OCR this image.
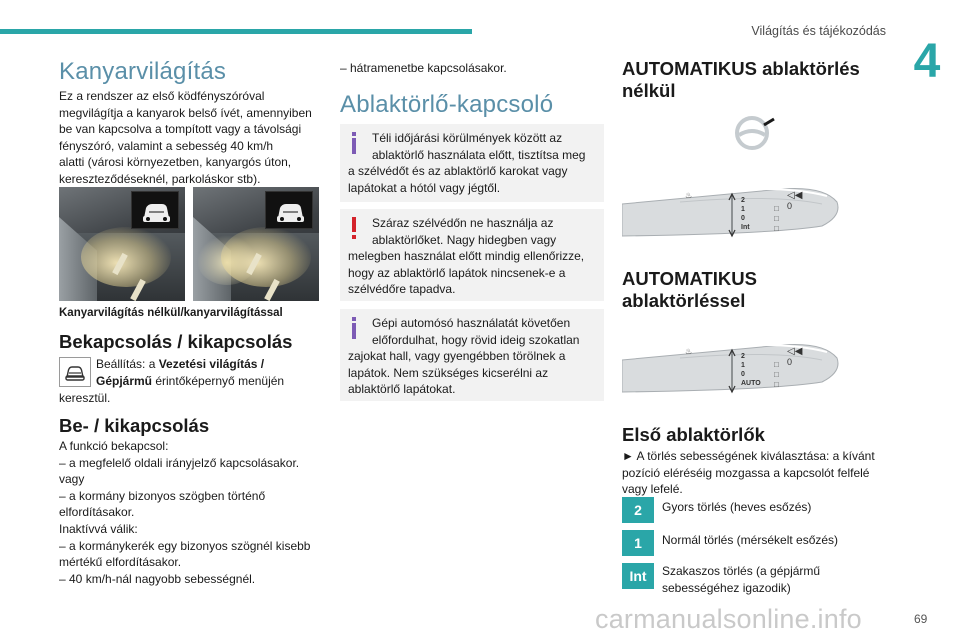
Világítás és tájékozódás
4
Kanyarvilágítás
Ez a rendszer az első ködfényszóróval
megvilágítja a kanyarok belső ívét, amennyiben
be van kapcsolva a tompított vagy a távolsági
fényszóró, valamint a sebesség 40 km/h
alatti (városi környezetben, kanyargós úton,
kereszteződéseknél, parkoláskor stb).
Kanyarvilágítás nélkül/kanyarvilágítással
Bekapcsolás / kikapcsolás
Beállítás: a Vezetési világítás /
Gépjármű érintőképernyő menüjén
keresztül.
Be- / kikapcsolás
A funkció bekapcsol:
– a megfelelő oldali irányjelző kapcsolásakor.
vagy
– a kormány bizonyos szögben történő
elfordításakor.
Inaktívvá válik:
– a kormánykerék egy bizonyos szögnél kisebb
mértékű elfordításakor.
– 40 km/h-nál nagyobb sebességnél.
– hátramenetbe kapcsolásakor.
Ablaktörlő-kapcsoló
Téli időjárási körülmények között az
ablaktörlő használata előtt, tisztítsa meg
a szélvédőt és az ablaktörlő karokat vagy
lapátokat a hótól vagy jégtől.
Száraz szélvédőn ne használja az
ablaktörlőket. Nagy hidegben vagy
melegben használat előtt mindig ellenőrizze,
hogy az ablaktörlő lapátok nincsenek-e a
szélvédőre tapadva.
Gépi automósó használatát követően
előfordulhat, hogy rövid ideig szokatlan
zajokat hall, vagy gyengébben törölnek a
lapátok. Nem szükséges kicserélni az
ablaktörlő lapátokat.
AUTOMATIKUS ablaktörlés
nélkül
◁◀
0
♨
2
1
0
Int
□
□
□
AUTOMATIKUS
ablaktörléssel
◁◀
0
♨
2
1
0
AUTO
□
□
□
Első ablaktörlők
► A törlés sebességének kiválasztása: a kívánt
pozíció eléréséig mozgassa a kapcsolót felfelé
vagy lefelé.
2	Gyors törlés (heves esőzés)
1	Normál törlés (mérsékelt esőzés)
Int	Szakaszos törlés (a gépjármű
sebességéhez igazodik)
carmanualsonline.info	69
